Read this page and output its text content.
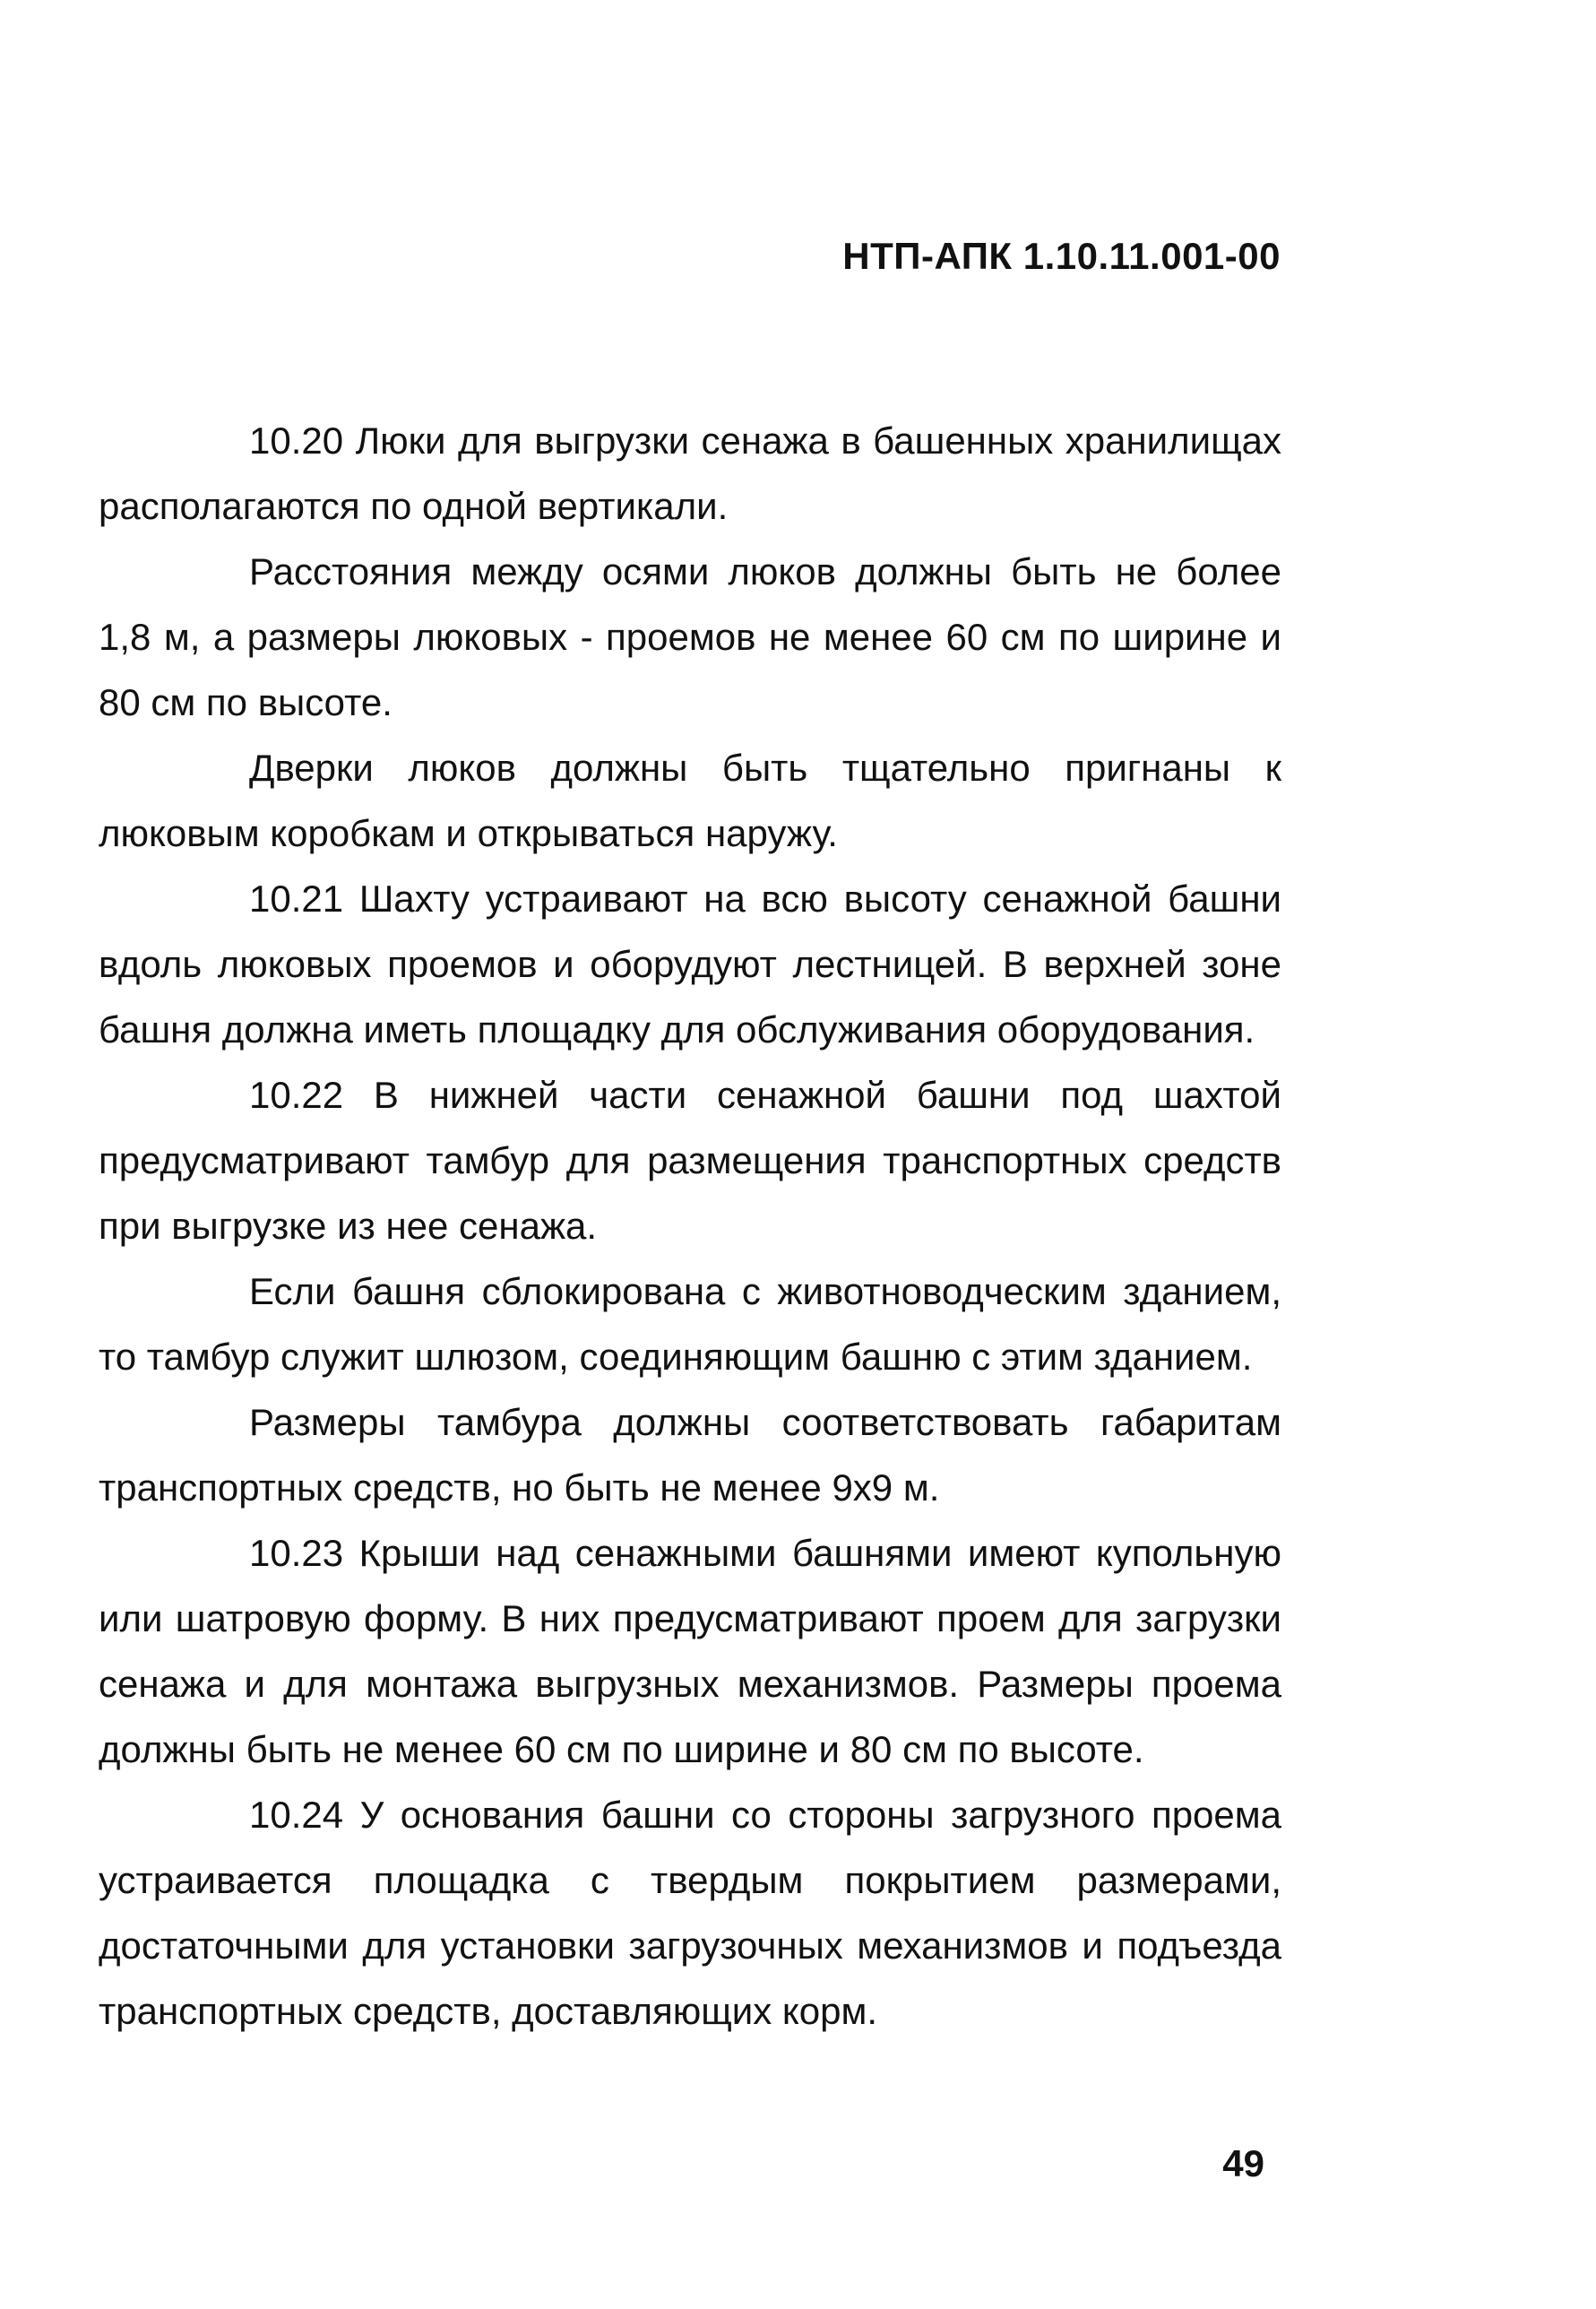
НТП-АПК 1.10.11.001-00

10.20 Люки для выгрузки сенажа в башенных хранилищах располагаются по одной вертикали.

Расстояния между осями люков должны быть не более 1,8 м, а размеры люковых - проемов не менее 60 см по ширине и 80 см по высоте.

Дверки люков должны быть тщательно пригнаны к люковым коробкам и открываться наружу.

10.21 Шахту устраивают на всю высоту сенажной башни вдоль люковых проемов и оборудуют лестницей. В верхней зоне башня должна иметь площадку для обслуживания оборудования.

10.22 В нижней части сенажной башни под шахтой предусматривают тамбур для размещения транспортных средств при выгрузке из нее сенажа.

Если башня сблокирована с животноводческим зданием, то тамбур служит шлюзом, соединяющим башню с этим зданием.

Размеры тамбура должны соответствовать габаритам транспортных средств, но быть не менее 9х9 м.

10.23 Крыши над сенажными башнями имеют купольную или шатровую форму. В них предусматривают проем для загрузки сенажа и для монтажа выгрузных механизмов. Размеры проема должны быть не менее 60 см по ширине и 80 см по высоте.

10.24 У основания башни со стороны загрузного проема устраивается площадка с твердым покрытием размерами, достаточными для установки загрузочных механизмов и подъезда транспортных средств, доставляющих корм.

49
